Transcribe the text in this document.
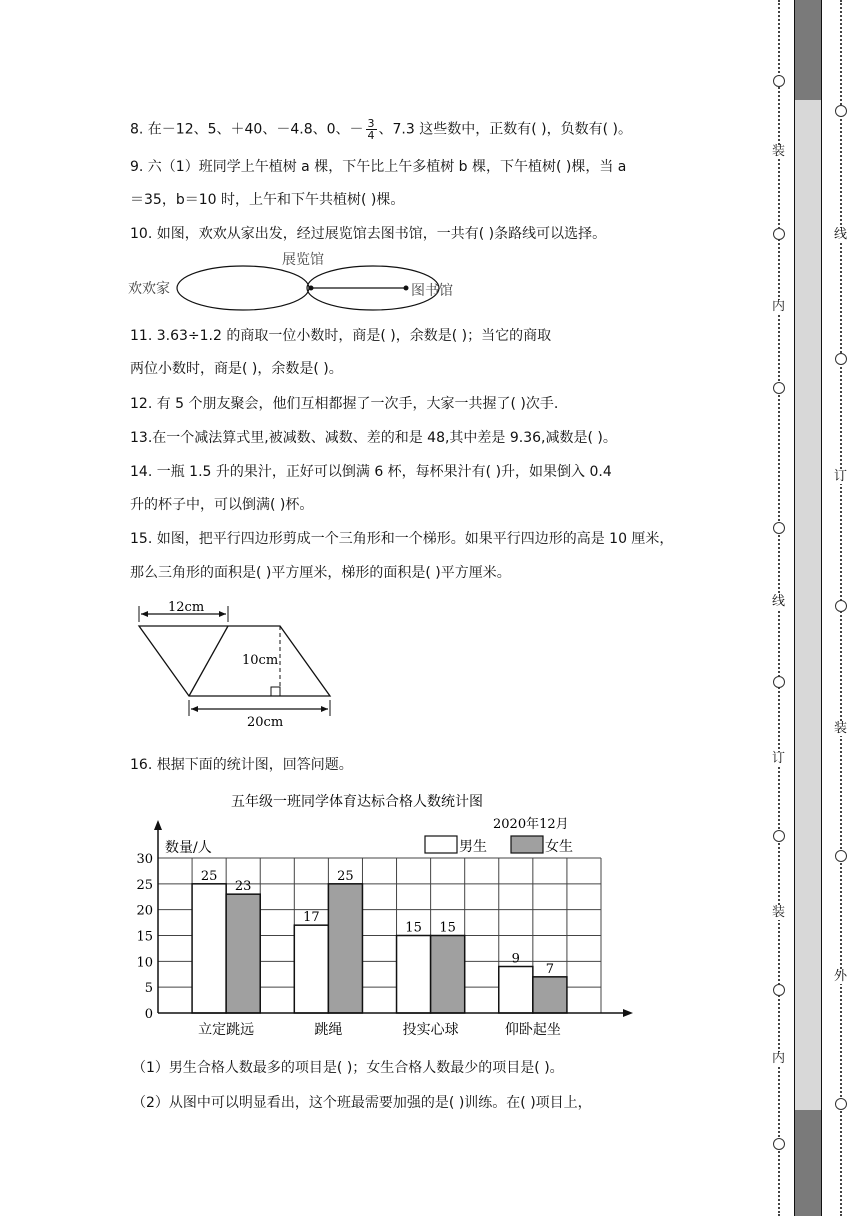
8. 在－12、5、＋40、－4.8、0、－ $\frac{3}{4}$ 、7.3 这些数中，正数有( )，负数有( )。
9. 六（1）班同学上午植树 a 棵，下午比上午多植树 b 棵，下午植树( )棵，当 a
＝35，b＝10 时，上午和下午共植树( )棵。
10. 如图，欢欢从家出发，经过展览馆去图书馆，一共有( )条路线可以选择。
欢欢家
展览馆
图书馆
11. 3.63÷1.2 的商取一位小数时，商是( )，余数是( )；当它的商取
两位小数时，商是( )，余数是( )。
12. 有 5 个朋友聚会，他们互相都握了一次手，大家一共握了( )次手.
13.在一个减法算式里,被减数、减数、差的和是 48,其中差是 9.36,减数是( )。
14. 一瓶 1.5 升的果汁，正好可以倒满 6 杯，每杯果汁有( )升，如果倒入 0.4
升的杯子中，可以倒满( )杯。
15. 如图，把平行四边形剪成一个三角形和一个梯形。如果平行四边形的高是 10 厘米，
那么三角形的面积是( )平方厘米，梯形的面积是( )平方厘米。
12cm
10cm
20cm
16. 根据下面的统计图，回答问题。
五年级一班同学体育达标合格人数统计图
2020年12月
数量/人	男生	女生
25
23
17
25
15 15
9
7
0
5
10
15
20
25
30
立定跳远	跳绳	投实心球	仰卧起坐
（1）男生合格人数最多的项目是( )；女生合格人数最少的项目是( )。
（2）从图中可以明显看出，这个班最需要加强的是( )训练。在( )项目上，
装
内
订
装
内
线
线
订
装
外
